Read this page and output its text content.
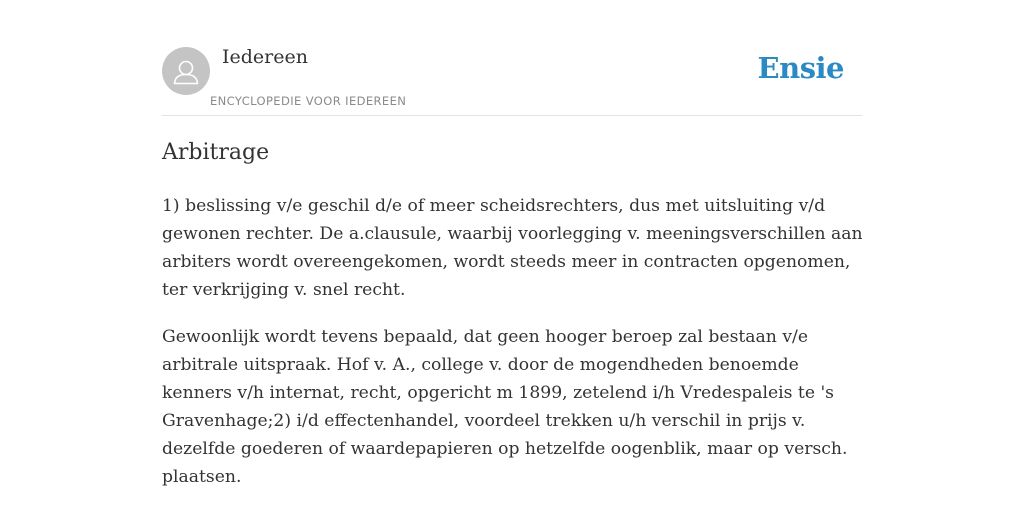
Iedereen
ENCYCLOPEDIE VOOR IEDEREEN
Ensie
Arbitrage

1) beslissing v/e geschil d/e of meer scheidsrechters, dus met uitsluiting v/d gewonen rechter. De a.clausule, waarbij voorlegging v. meeningsverschillen aan arbiters wordt overeengekomen, wordt steeds meer in contracten opgenomen, ter verkrijging v. snel recht.

Gewoonlijk wordt tevens bepaald, dat geen hooger beroep zal bestaan v/e arbitrale uitspraak. Hof v. A., college v. door de mogendheden benoemde kenners v/h internat, recht, opgericht m 1899, zetelend i/h Vredespaleis te 's Gravenhage;2) i/d effectenhandel, voordeel trekken u/h verschil in prijs v. dezelfde goederen of waardepapieren op hetzelfde oogenblik, maar op versch. plaatsen.
